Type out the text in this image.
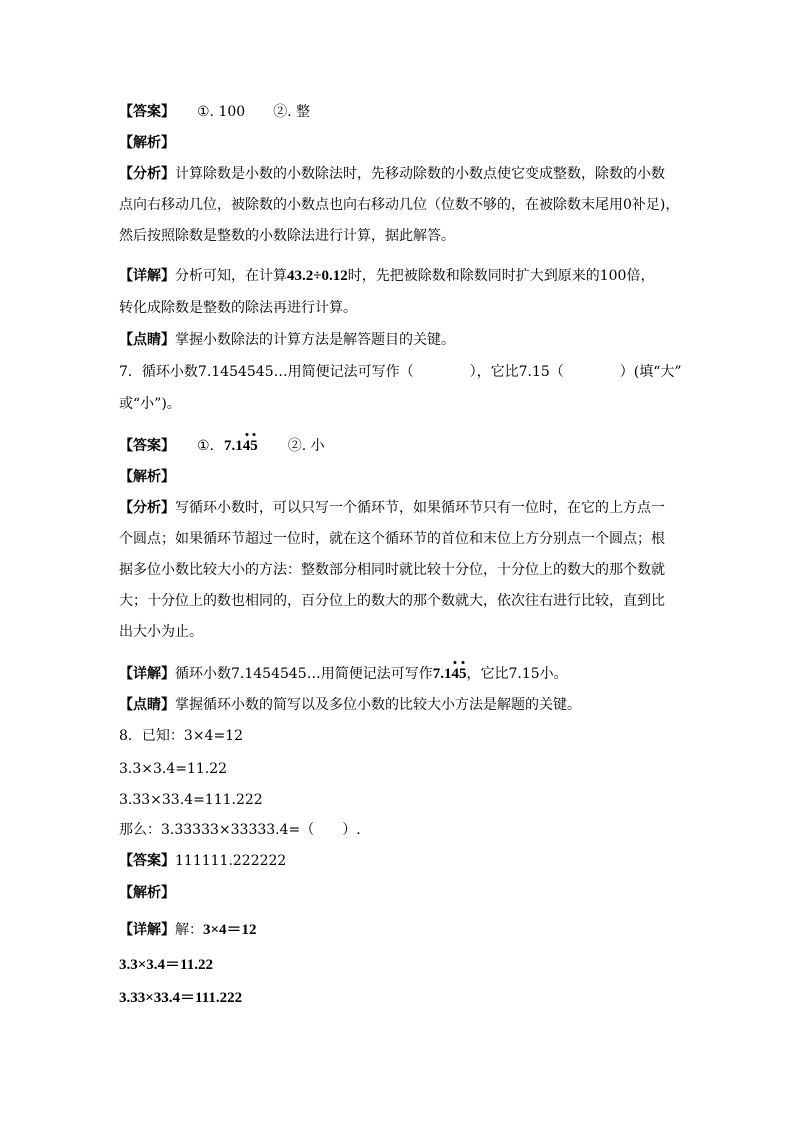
【答案】 ①. 100 ②. 整
【解析】
【分析】计算除数是小数的小数除法时，先移动除数的小数点使它变成整数，除数的小数
点向右移动几位，被除数的小数点也向右移动几位（位数不够的，在被除数末尾用0补足)，
然后按照除数是整数的小数除法进行计算，据此解答。
【详解】分析可知，在计算43.2÷0.12时，先把被除数和除数同时扩大到原来的100倍，
转化成除数是整数的除法再进行计算。
【点睛】掌握小数除法的计算方法是解答题目的关键。
7．循环小数7.1454545…用简便记法可写作（　　　　），它比7.15（　　　　）(填“大”
或“小”)。
【答案】 ①. 7.1
4
5 ②. 小
【解析】
【分析】写循环小数时，可以只写一个循环节，如果循环节只有一位时，在它的上方点一
个圆点；如果循环节超过一位时，就在这个循环节的首位和末位上方分别点一个圆点；根
据多位小数比较大小的方法：整数部分相同时就比较十分位，十分位上的数大的那个数就
大；十分位上的数也相同的，百分位上的数大的那个数就大，依次往右进行比较，直到比
出大小为止。
【详解】循环小数7.1454545…用简便记法可写作7.1
4
5，它比7.15小。
【点睛】掌握循环小数的简写以及多位小数的比较大小方法是解题的关键。
8．已知：3×4=12
3.3×3.4=11.22
3.33×33.4=111.222
那么：3.33333×33333.4=（　　）.
【答案】111111.222222
【解析】
【详解】解：3×4＝12
3.3×3.4＝11.22
3.33×33.4＝111.222
